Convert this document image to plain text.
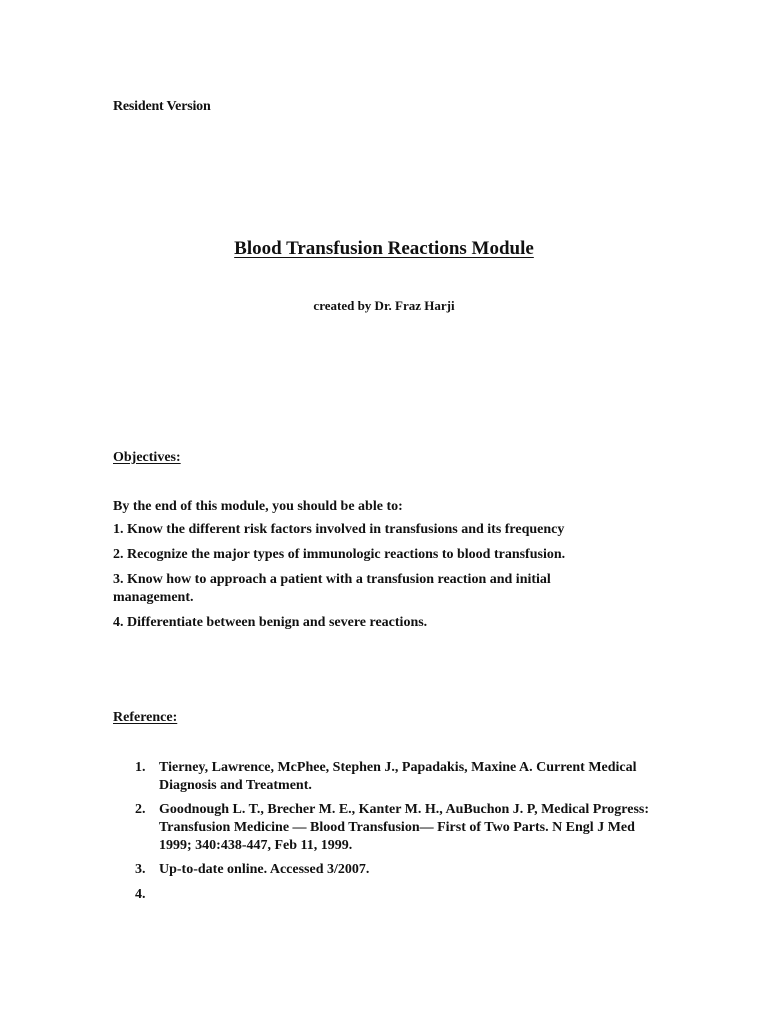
Resident Version
Blood Transfusion Reactions Module
created by Dr. Fraz Harji
Objectives:
By the end of this module, you should be able to:
1. Know the different risk factors involved in transfusions and its frequency
2. Recognize the major types of immunologic reactions to blood transfusion.
3. Know how to approach a patient with a transfusion reaction and initial management.
4. Differentiate between benign and severe reactions.
Reference:
1. Tierney, Lawrence, McPhee, Stephen J., Papadakis, Maxine A. Current Medical Diagnosis and Treatment.
2. Goodnough L. T., Brecher M. E., Kanter M. H., AuBuchon J. P, Medical Progress: Transfusion Medicine — Blood Transfusion— First of Two Parts. N Engl J Med 1999; 340:438-447, Feb 11, 1999.
3. Up-to-date online. Accessed 3/2007.
4.
